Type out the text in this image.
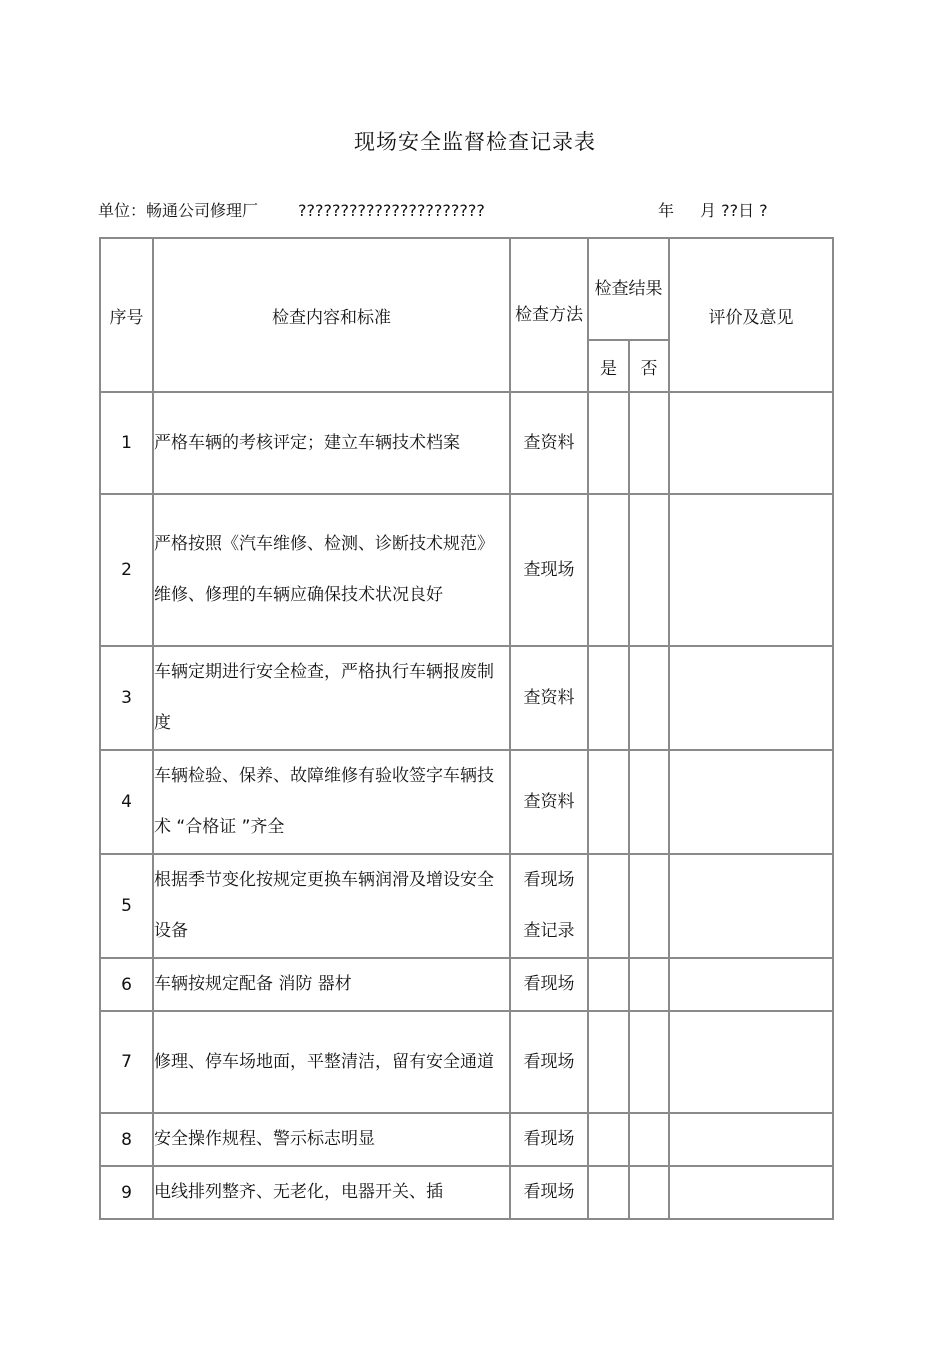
现场安全监督检查记录表
单位：畅通公司修理厂 ??????????????????????	年 月 ??日 ?
序号	检查内容和标准	检查方法	检查结果		评价及意见
			是	否	
1	严格车辆的考核评定；建立车辆技术档案	查资料			
2	严格按照《汽车维修、检测、诊断技术规范》维修、修理的车辆应确保技术状况良好	查现场			
3	车辆定期进行安全检查，严格执行车辆报废制度	查资料			
4	车辆检验、保养、故障维修有验收签字车辆技术 “合格证 ”齐全	查资料			
5	根据季节变化按规定更换车辆润滑及增设安全设备	看现场查记录			
6	车辆按规定配备 消防 器材	看现场			
7	修理、停车场地面，平整清洁，留有安全通道	看现场			
8	安全操作规程、警示标志明显	看现场			
9	电线排列整齐、无老化，电器开关、插	看现场			
